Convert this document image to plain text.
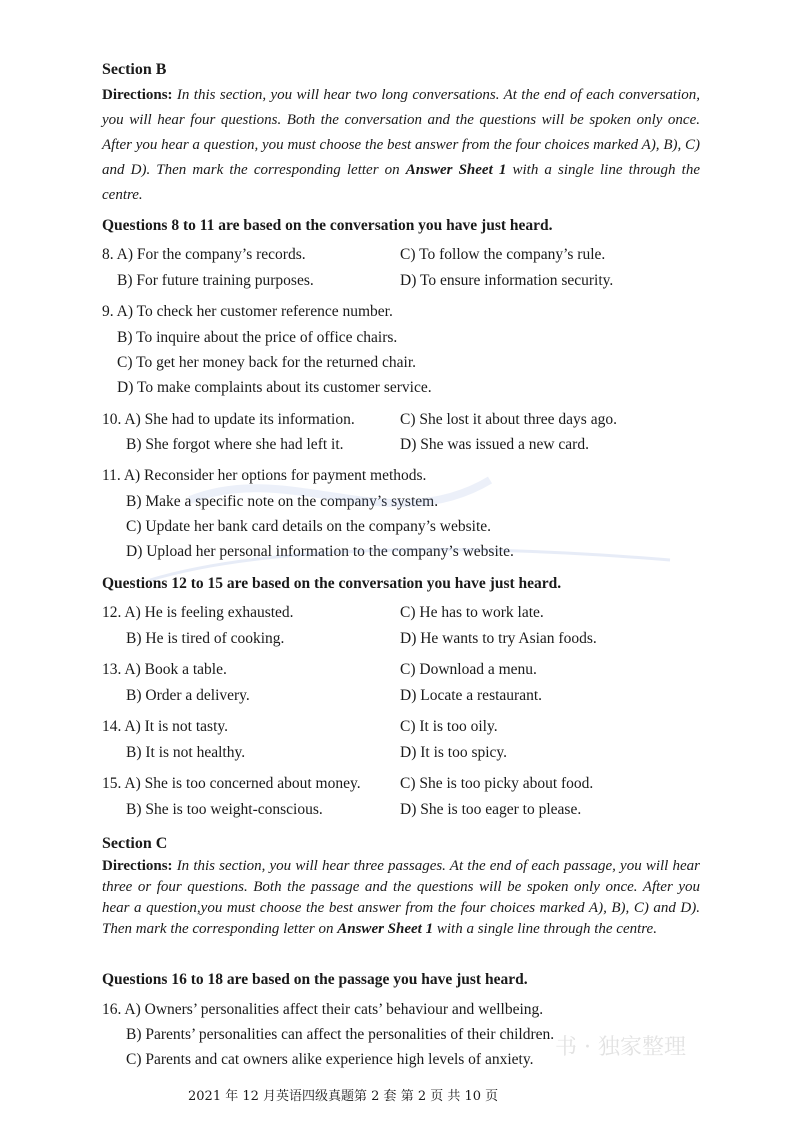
Section B
Directions: In this section, you will hear two long conversations. At the end of each conversation, you will hear four questions. Both the conversation and the questions will be spoken only once. After you hear a question, you must choose the best answer from the four choices marked A), B), C) and D). Then mark the corresponding letter on Answer Sheet 1 with a single line through the centre.
Questions 8 to 11 are based on the conversation you have just heard.
8. A) For the company’s records.	C) To follow the company’s rule.
B) For future training purposes.	D) To ensure information security.
9. A) To check her customer reference number.
B) To inquire about the price of office chairs.
C) To get her money back for the returned chair.
D) To make complaints about its customer service.
10. A) She had to update its information.	C) She lost it about three days ago.
B) She forgot where she had left it.	D) She was issued a new card.
11. A) Reconsider her options for payment methods.
B) Make a specific note on the company’s system.
C) Update her bank card details on the company’s website.
D) Upload her personal information to the company’s website.
Questions 12 to 15 are based on the conversation you have just heard.
12. A) He is feeling exhausted.	C) He has to work late.
B) He is tired of cooking.	D) He wants to try Asian foods.
13. A) Book a table.	C) Download a menu.
B) Order a delivery.	D) Locate a restaurant.
14. A) It is not tasty.	C) It is too oily.
B) It is not healthy.	D) It is too spicy.
15. A) She is too concerned about money.	C) She is too picky about food.
B) She is too weight-conscious.	D) She is too eager to please.
Section C
Directions: In this section, you will hear three passages. At the end of each passage, you will hear three or four questions. Both the passage and the questions will be spoken only once. After you hear a question,you must choose the best answer from the four choices marked A), B), C) and D). Then mark the corresponding letter on Answer Sheet 1 with a single line through the centre.
Questions 16 to 18 are based on the passage you have just heard.
16. A) Owners’ personalities affect their cats’ behaviour and wellbeing.
B) Parents’ personalities can affect the personalities of their children.
C) Parents and cat owners alike experience high levels of anxiety.
2021 年 12 月英语四级真题第 2 套 第 2 页 共 10 页
书 · 独家整理
